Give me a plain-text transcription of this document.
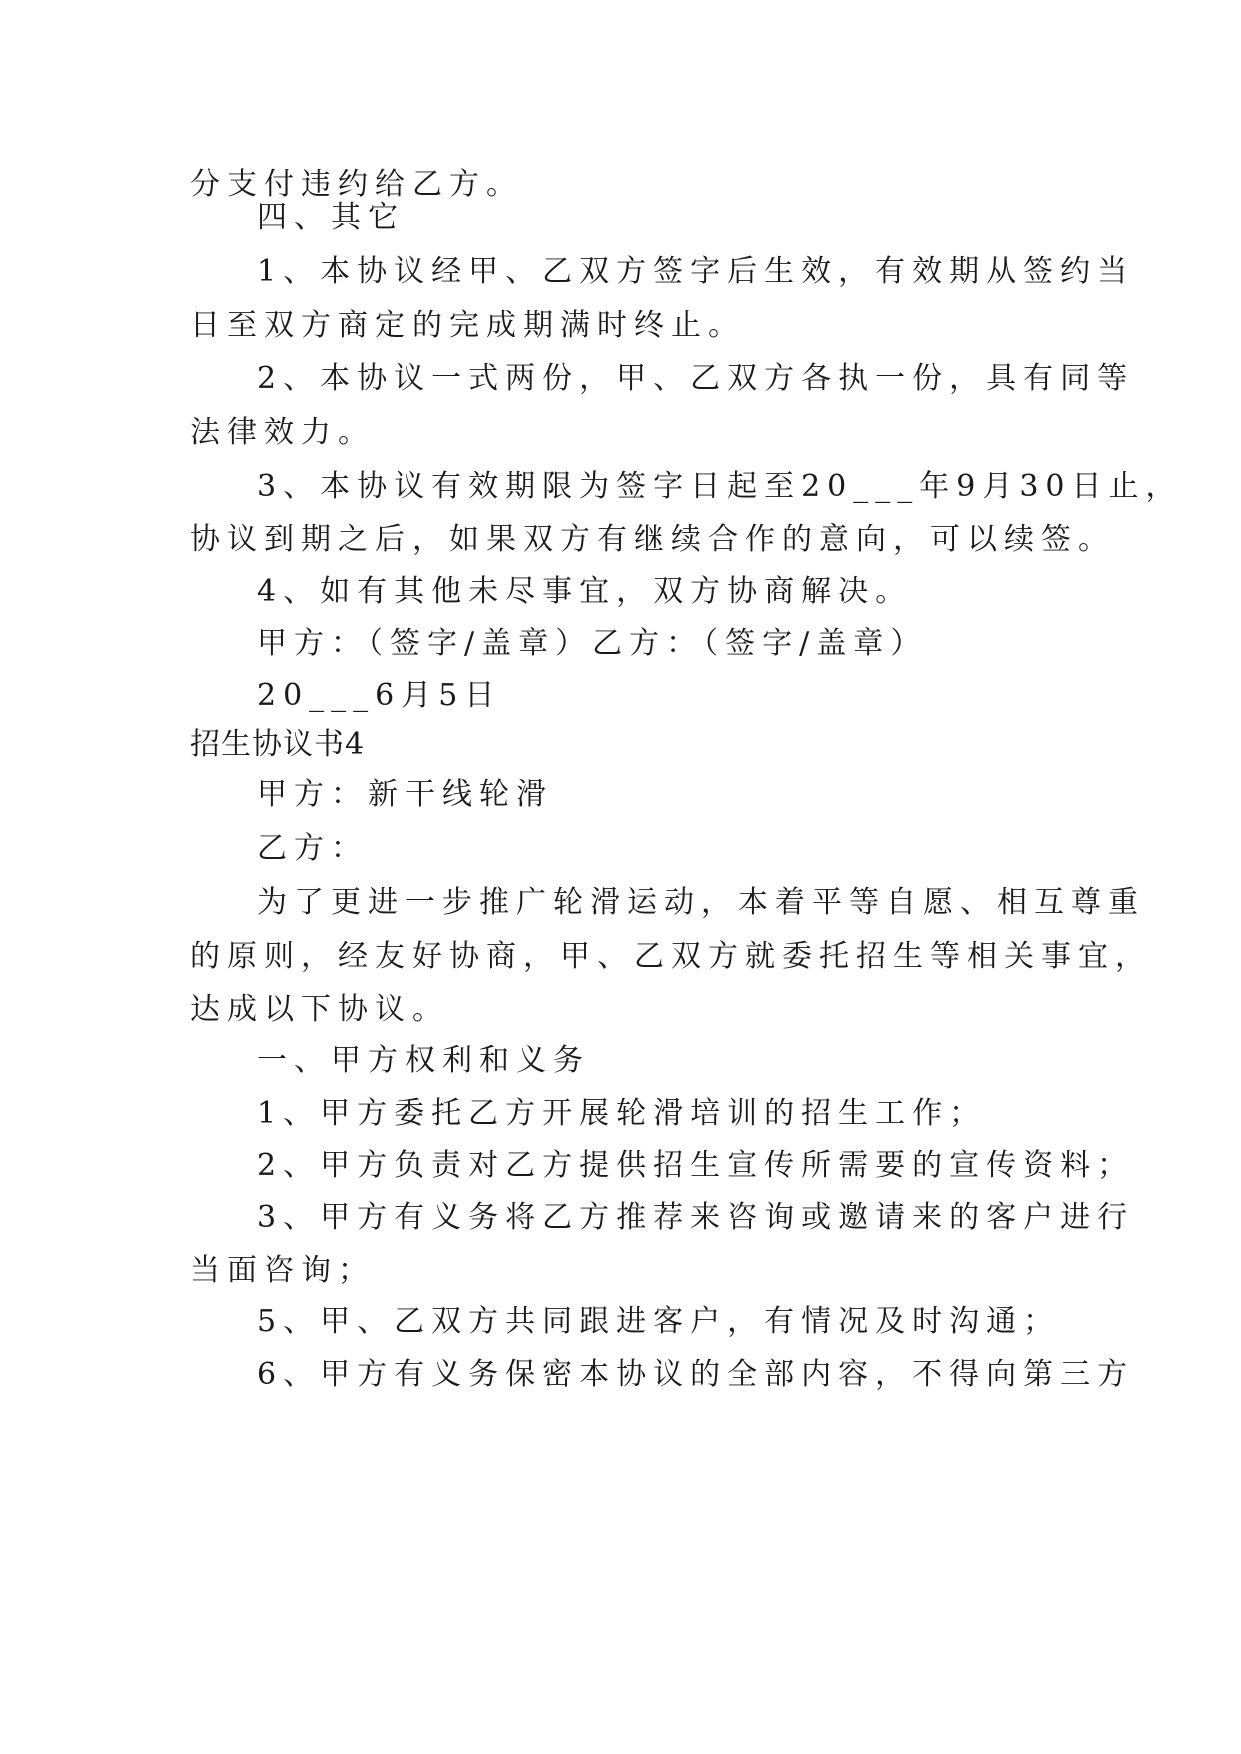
分支付违约给乙方。

四、其它

1、本协议经甲、乙双方签字后生效，有效期从签约当

日至双方商定的完成期满时终止。

2、本协议一式两份，甲、乙双方各执一份，具有同等

法律效力。

3、本协议有效期限为签字日起至20___年9月30日止，

协议到期之后，如果双方有继续合作的意向，可以续签。

4、如有其他未尽事宜，双方协商解决。

甲方：（签字/盖章）乙方：（签字/盖章）

20___6月5日

招生协议书4

甲方：新干线轮滑

乙方：

为了更进一步推广轮滑运动，本着平等自愿、相互尊重

的原则，经友好协商，甲、乙双方就委托招生等相关事宜，

达成以下协议。

一、甲方权利和义务

1、甲方委托乙方开展轮滑培训的招生工作；

2、甲方负责对乙方提供招生宣传所需要的宣传资料；

3、甲方有义务将乙方推荐来咨询或邀请来的客户进行

当面咨询；

5、甲、乙双方共同跟进客户，有情况及时沟通；

6、甲方有义务保密本协议的全部内容，不得向第三方
